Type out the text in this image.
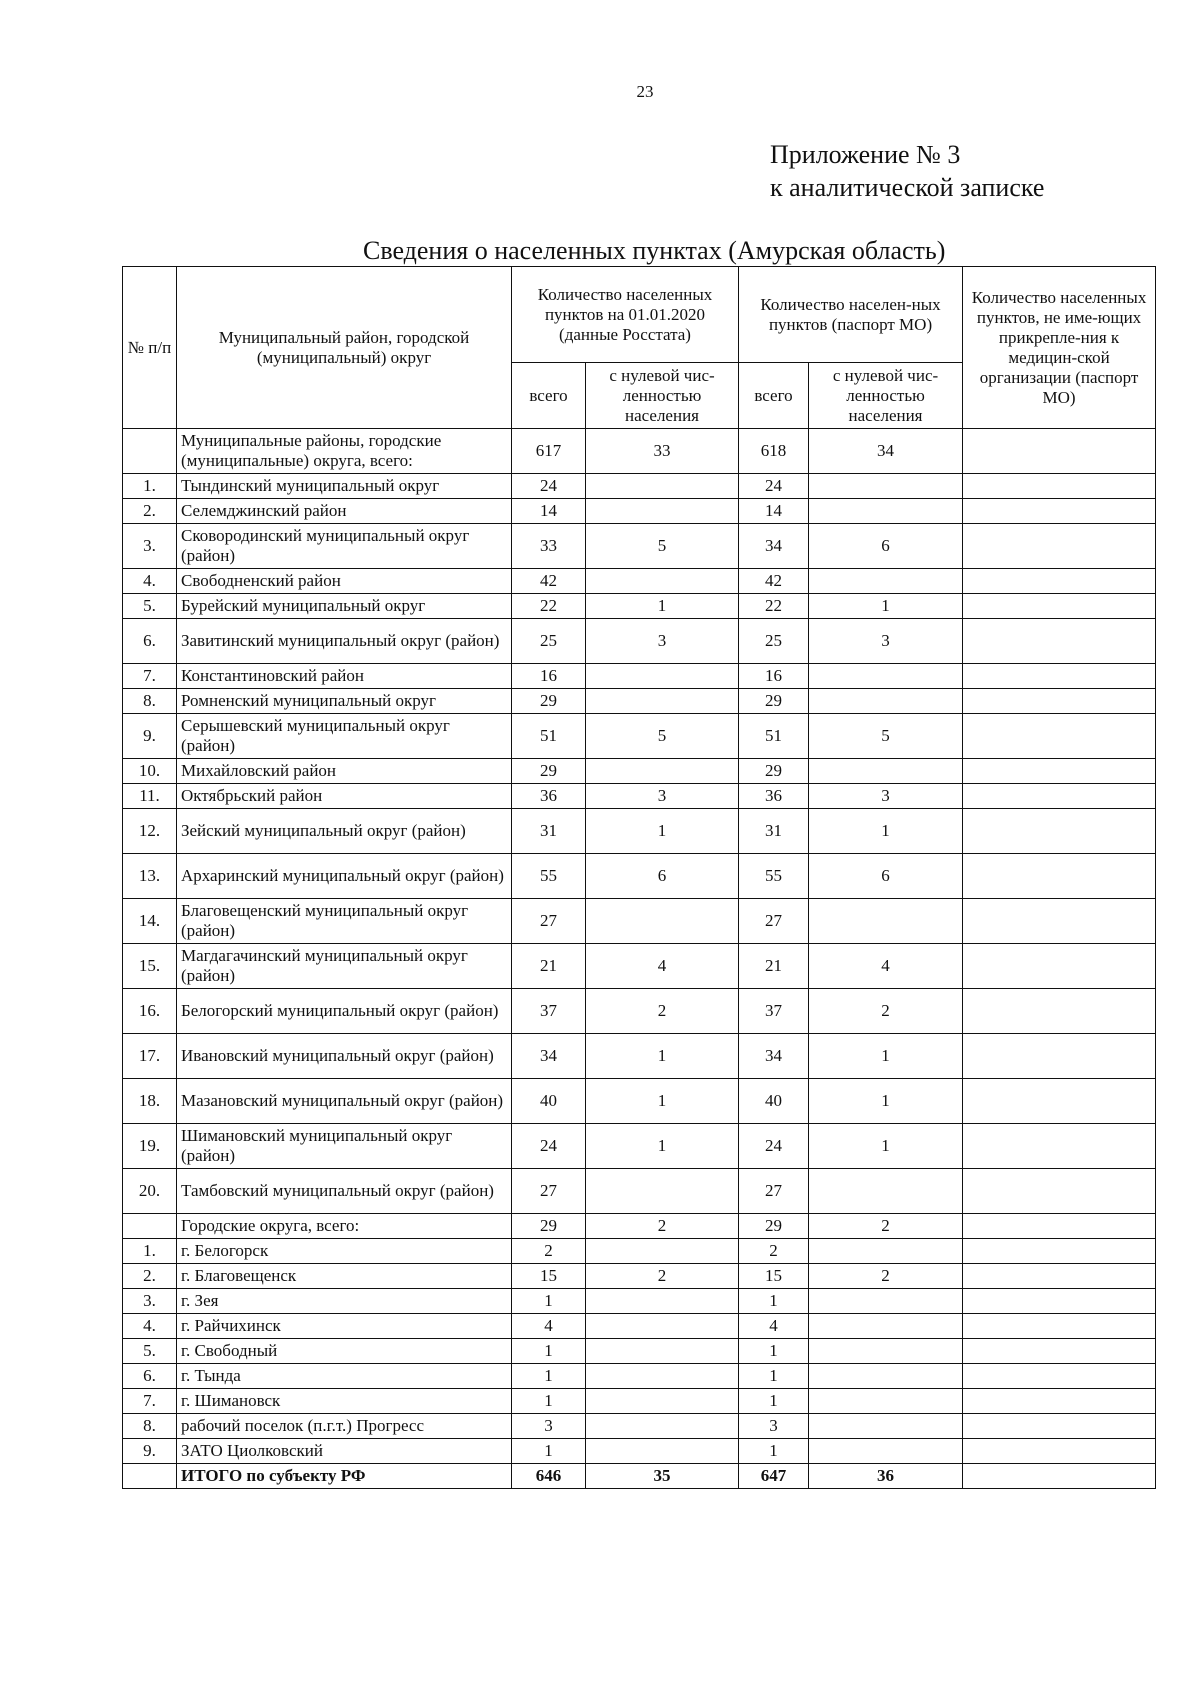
23
Приложение № 3
к аналитической записке
Сведения о населенных пунктах (Амурская область)
№ п/п	Муниципальный район, городской (муниципальный) округ	Количество населенных пунктов на 01.01.2020 (данные Росстата)		Количество населен-ных пунктов (паспорт МО)		Количество населенных пунктов, не име-ющих прикрепле-ния к медицин-ской организации (паспорт МО)
		всего	с нулевой чис-ленностью населения	всего	с нулевой чис-ленностью населения	
	Муниципальные районы, городские (муниципальные) округа, всего:	617	33	618	34	
1.	Тындинский муниципальный округ	24		24		
2.	Селемджинский район	14		14		
3.	Сковородинский муниципальный округ (район)	33	5	34	6	
4.	Свободненский район	42		42		
5.	Бурейский муниципальный округ	22	1	22	1	
6.	Завитинский муниципальный округ (район)	25	3	25	3	
7.	Константиновский район	16		16		
8.	Ромненский муниципальный округ	29		29		
9.	Серышевский муниципальный округ (район)	51	5	51	5	
10.	Михайловский район	29		29		
11.	Октябрьский район	36	3	36	3	
12.	Зейский муниципальный округ (район)	31	1	31	1	
13.	Архаринский муниципальный округ (район)	55	6	55	6	
14.	Благовещенский муниципальный округ (район)	27		27		
15.	Магдагачинский муниципальный округ (район)	21	4	21	4	
16.	Белогорский муниципальный округ (район)	37	2	37	2	
17.	Ивановский муниципальный округ (район)	34	1	34	1	
18.	Мазановский муниципальный округ (район)	40	1	40	1	
19.	Шимановский муниципальный округ (район)	24	1	24	1	
20.	Тамбовский муниципальный округ (район)	27		27		
	Городские округа, всего:	29	2	29	2	
1.	г. Белогорск	2		2		
2.	г. Благовещенск	15	2	15	2	
3.	г. Зея	1		1		
4.	г. Райчихинск	4		4		
5.	г. Свободный	1		1		
6.	г. Тында	1		1		
7.	г. Шимановск	1		1		
8.	рабочий поселок (п.г.т.) Прогресс	3		3		
9.	ЗАТО Циолковский	1		1		
	ИТОГО по субъекту РФ	646	35	647	36	
